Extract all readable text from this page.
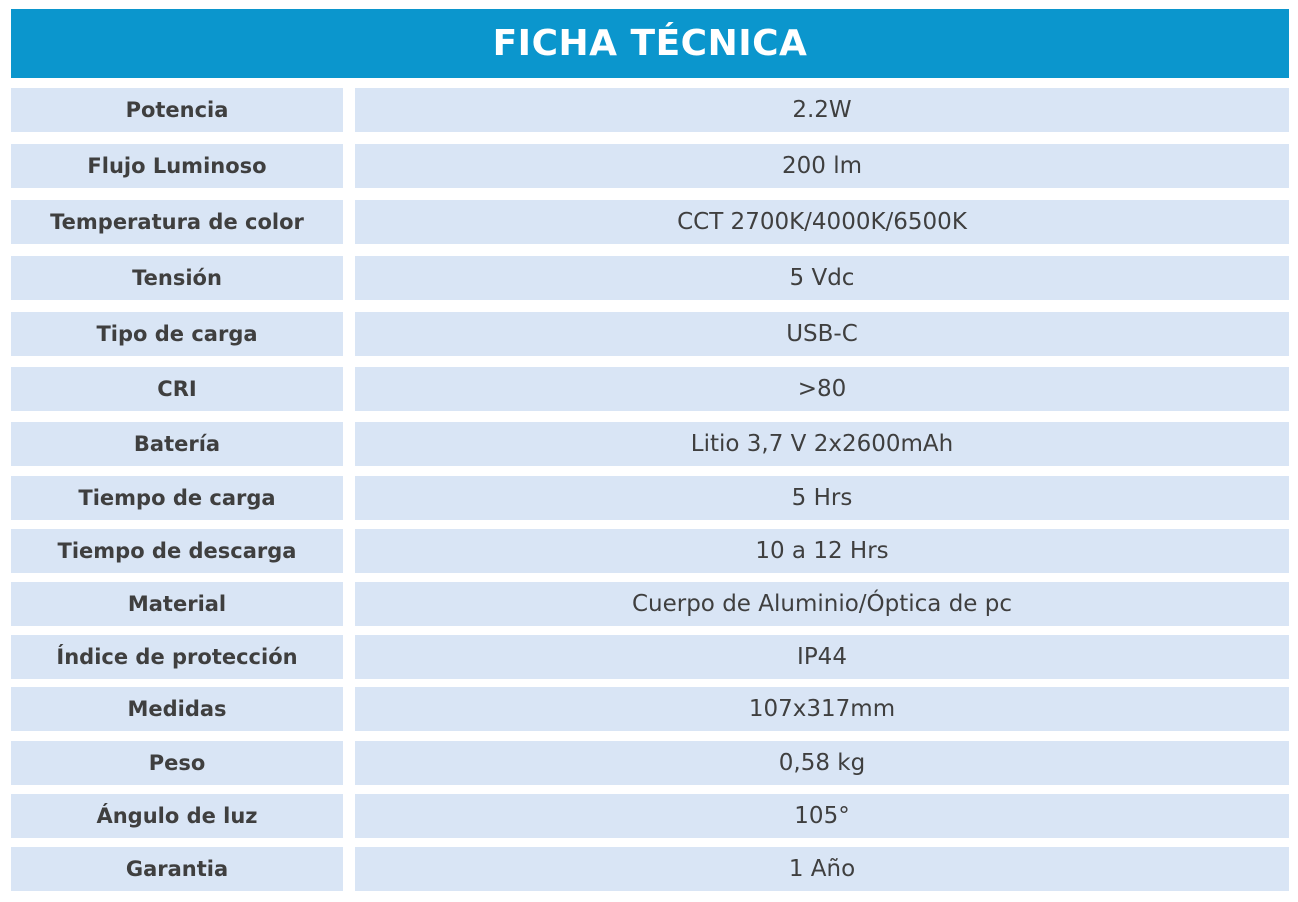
FICHA TÉCNICA
Potencia	2.2W
Flujo Luminoso	200 lm
Temperatura de color	CCT 2700K/4000K/6500K
Tensión	5 Vdc
Tipo de carga	USB-C
CRI	>80
Batería	Litio 3,7 V 2x2600mAh
Tiempo de carga	5 Hrs
Tiempo de descarga	10 a 12 Hrs
Material	Cuerpo de Aluminio/Óptica de pc
Índice de protección	IP44
Medidas	107x317mm
Peso	0,58 kg
Ángulo de luz	105°
Garantia	1 Año
